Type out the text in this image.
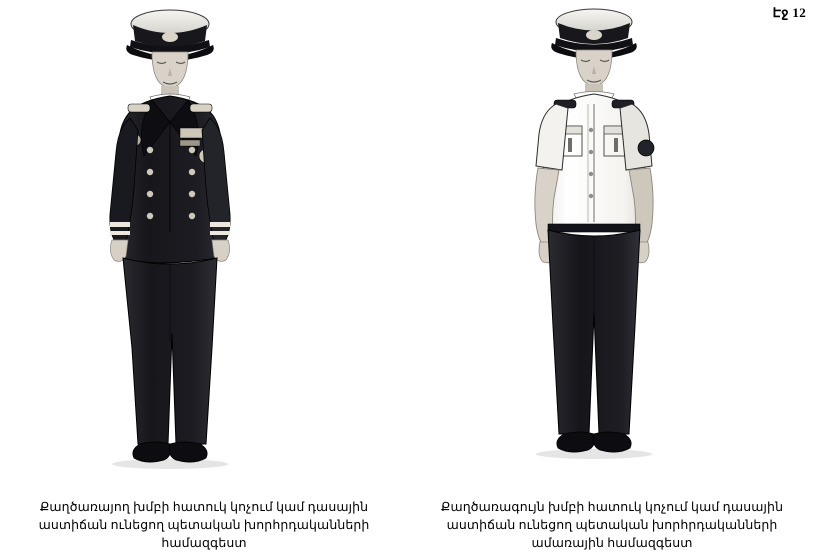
Էջ 12
Քաղծառայող խմբի հատուկ կոչում կամ դասային
աստիճան ունեցող պետական խորհրդականների
համազգեստ
Քաղծառագույն խմբի հատուկ կոչում կամ դասային
աստիճան ունեցող պետական խորհրդականների
ամառային համազգեստ
